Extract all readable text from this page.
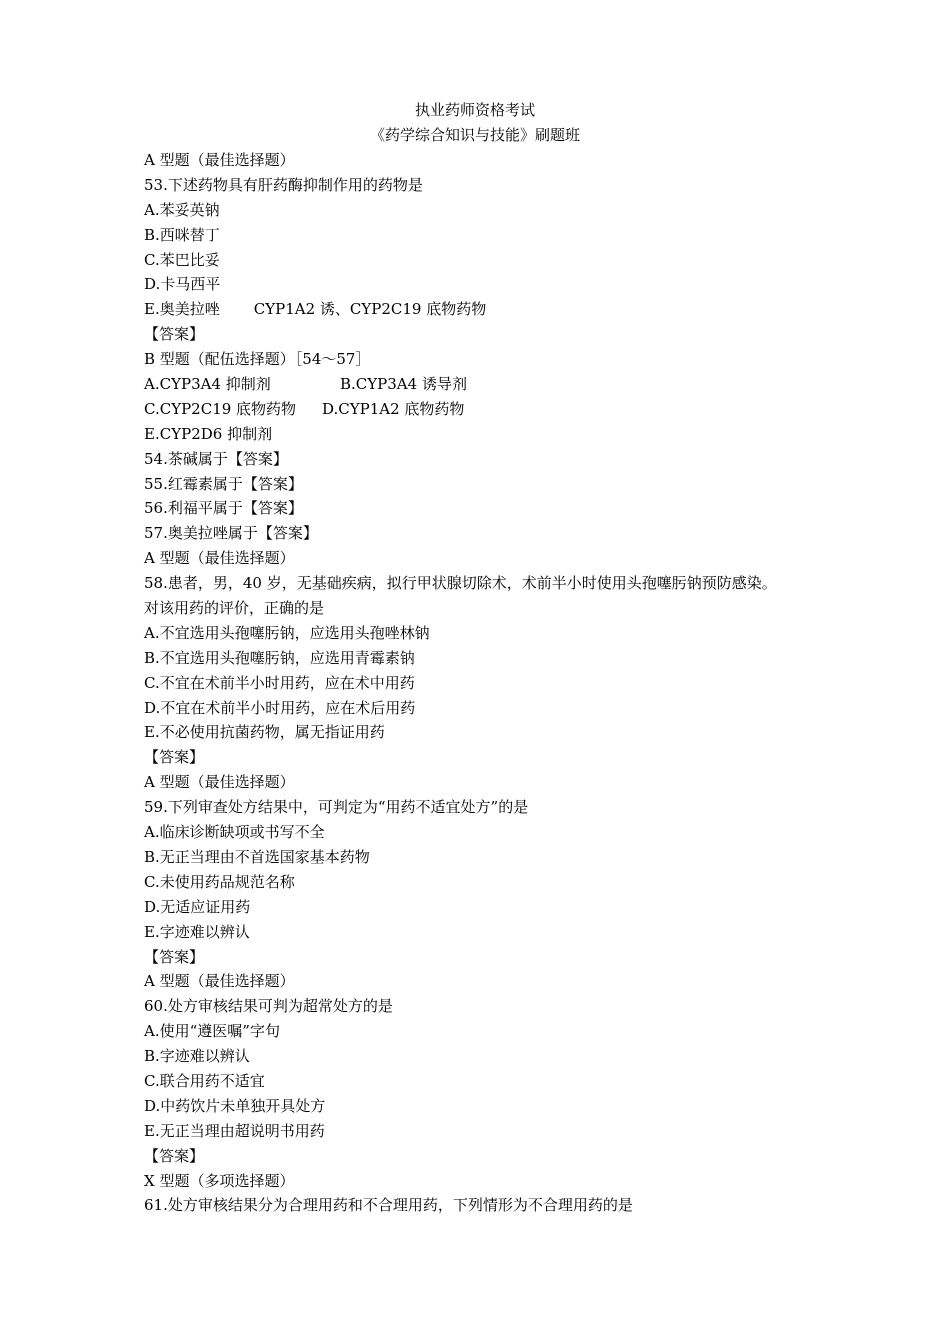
执业药师资格考试
《药学综合知识与技能》刷题班
A 型题（最佳选择题）
53.下述药物具有肝药酶抑制作用的药物是
A.苯妥英钠
B.西咪替丁
C.苯巴比妥
D.卡马西平
E.奥美拉唑 CYP1A2 诱、CYP2C19 底物药物
【答案】
B 型题（配伍选择题）［54～57］
A.CYP3A4 抑制剂	B.CYP3A4 诱导剂
C.CYP2C19 底物药物 D.CYP1A2 底物药物
E.CYP2D6 抑制剂
54.茶碱属于【答案】
55.红霉素属于【答案】
56.利福平属于【答案】
57.奥美拉唑属于【答案】
A 型题（最佳选择题）
58.患者，男，40 岁，无基础疾病，拟行甲状腺切除术，术前半小时使用头孢噻肟钠预防感染。
对该用药的评价，正确的是
A.不宜选用头孢噻肟钠，应选用头孢唑林钠
B.不宜选用头孢噻肟钠，应选用青霉素钠
C.不宜在术前半小时用药，应在术中用药
D.不宜在术前半小时用药，应在术后用药
E.不必使用抗菌药物，属无指证用药
【答案】
A 型题（最佳选择题）
59.下列审查处方结果中，可判定为“用药不适宜处方”的是
A.临床诊断缺项或书写不全
B.无正当理由不首选国家基本药物
C.未使用药品规范名称
D.无适应证用药
E.字迹难以辨认
【答案】
A 型题（最佳选择题）
60.处方审核结果可判为超常处方的是
A.使用“遵医嘱”字句
B.字迹难以辨认
C.联合用药不适宜
D.中药饮片未单独开具处方
E.无正当理由超说明书用药
【答案】
X 型题（多项选择题）
61.处方审核结果分为合理用药和不合理用药，下列情形为不合理用药的是
